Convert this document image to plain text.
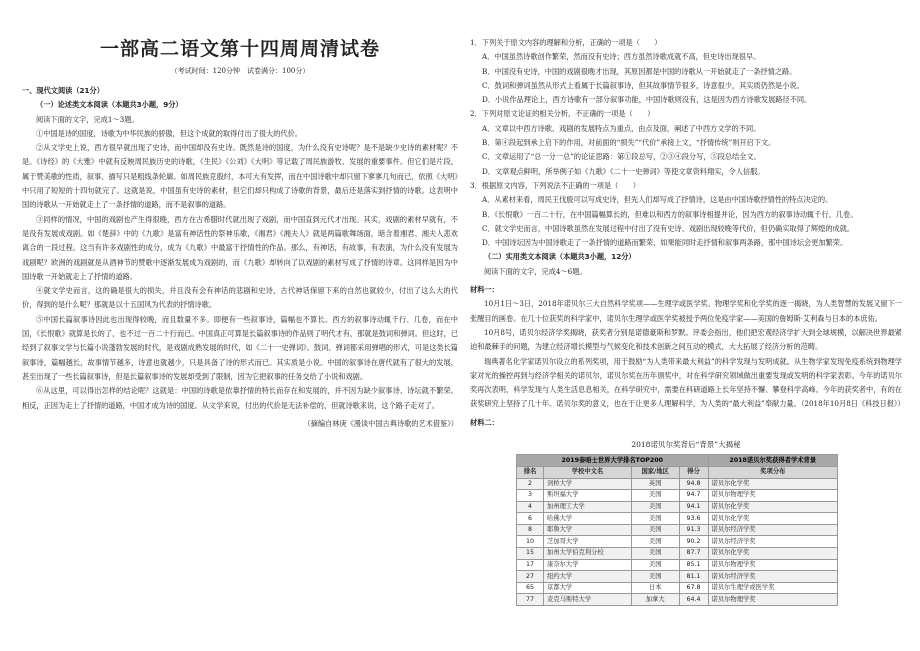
一部高二语文第十四周周清试卷
（考试时间：120分钟　试卷满分：100分）
一、现代文阅读（21分）
（一）论述类文本阅读（本题共3小题，9分）
阅读下面的文字，完成1～3题。

①中国是诗的国度，诗歌为中华民族的骄傲，但这个成就的取得付出了很大的代价。

②从文学史上说，西方很早就出现了史诗，而中国却没有史诗。既然是诗的国度，为什么没有史诗呢？是不是缺少史诗的素材呢？不是。《诗经》的《大雅》中就有反映周民族历史的诗歌，《生民》《公刘》《大明》等记载了周民族游牧、发展的重要事件。但它们是片段，属于赞美歌的性质，叙事、描写只是粗线条轮廓。如周民族克殷纣，本可大有发挥，而在中国诗歌中却只留下寥寥几句而已，依照《大明》中只用了短短的十四句就完了。这就是说，中国虽有史诗的素材，但它们却只构成了诗歌的背景，最后还是落实到抒情的诗歌。这表明中国的诗歌从一开始就走上了一条抒情的道路，而不是叙事的道路。

③同样的情况，中国的戏剧也产生得很晚，西方在古希腊时代就出现了戏剧，而中国直到元代才出现。其实，戏剧的素材早就有，不是没有发展成戏剧。如《楚辞》中的《九歌》是富有神话性的祭神乐歌，《湘君》《湘夫人》就是两篇歌舞场面，暗含着湘君、湘夫人悲欢离合的一段过程。这当有许多戏剧性的成分，成为《九歌》中最富于抒情性的作品。那么，有神话，有故事，有表演，为什么没有发展为戏剧呢？欧洲的戏剧就是从酒神节的赞歌中逐渐发展成为戏剧的，而《九歌》却转向了以戏剧的素材写成了抒情的诗章。这同样是因为中国诗歌一开始就走上了抒情的道路。

④就文学史而言，这的确是很大的损失，并且没有会有神话的悲剧和史诗，古代神话保留下来的自然也就较少，付出了这么大的代价，得到的是什么呢？那就是以十五国风为代表的抒情诗歌。

⑤中国长篇叙事诗因此也出现得较晚，而且数量不多。即便有一些叙事诗，篇幅也不算长。西方的叙事诗动辄千行、几卷，而在中国，《长恨歌》就算是长的了，也不过一百二十行而已。中国真正可算是长篇叙事诗的作品则了明代才有，那就是鼓词和弹词。但这时，已经到了叙事文学与长篇小说蓬勃发展的时代，是戏剧成熟发展的时代，如《二十一史弹词》。鼓词、弹词都采用弹唱的形式，可是这类长篇叙事诗，篇幅越长，故事情节越多，诗意也就越少，只是具备了诗的形式而已。其实质是小说。中国的叙事诗在唐代就有了很大的发展，甚至出现了一些长篇叙事诗，但是长篇叙事诗的发展却受到了限制，因为它把叙事的任务交给了小说和戏剧。

⑥从这里，可以得出怎样的结论呢？这就是：中国的诗歌是依靠抒情的特长而存在和发展的，并不因为缺少叙事诗、诗坛就不繁荣。相反，正因为走上了抒情的道路，中国才成为诗的国度。从文学来说，付出的代价是无法补偿的，但就诗歌来说，这个路子走对了。

（摘编自林庚《漫谈中国古典诗歌的艺术借鉴》）

1．下列关于原文内容的理解和分析，正确的一项是（　　）

A．中国虽然诗歌创作繁荣，然而没有史诗；西方虽然诗歌成就不高，但史诗出现很早。

B．中国没有史诗，中国的戏剧很晚才出现，其原因都是中国的诗歌从一开始就走了一条抒情之路。

C．鼓词和弹词虽然从形式上看属于长篇叙事诗，但其故事情节很多，诗意很少，其实质仍然是小说。

D．小说作品理论上，西方诗歌有一部分叙事功能，中国诗歌则没有，这是因为西方诗歌发展路径不同。

2．下列对原文论证的相关分析，不正确的一项是（　　）

A．文章以中西方诗歌、戏剧的发展特点为重点，由点及面，阐述了中西方文学的不同。

B．第④段起到承上启下的作用，对前面的“损失”“代价”承接上文，“抒情传统”则开启下文。

C．文章运用了“总一分一总”的论证思路：第①段总写，②③④段分写，⑤段总结全文。

D．文章观点鲜明，所举例子如《九歌》《二十一史弹词》等使文章资料翔实，令人信服。

3．根据原文内容，下列说法不正确的一项是（　　）

A．从素材来看，周民王伐殷可以写成史诗，但先人们却写成了抒情诗，这是由中国诗歌抒情性的特点决定的。

B．《长恨歌》一百二十行，在中国篇幅算长的，但难以和西方的叙事诗相提并论，因为西方的叙事诗动辄千行、几卷。

C．就文学史而言，中国诗歌虽然在发展过程中付出了没有史诗、戏剧出现较晚等代价，但仍确实取得了辉煌的成就。

D．中国诗坛因为中国诗歌走了一条抒情的道路而繁荣，如果能同时走抒情和叙事两条路，那中国诗坛会更加繁荣。

（二）实用类文本阅读（本题共3小题，12分）
阅读下面的文字，完成4～6题。
材料一：

10月1日～3日，2018年诺贝尔三大自然科学奖项——生理学或医学奖、物理学奖和化学奖的逐一揭晓，为人类智慧的发展又留下一张醒目的画卷。在几十位获奖的科学家中，诺贝尔生理学或医学奖被授予两位免疫学家——美国的詹姆斯·艾利森与日本的本庶佑。

10月8号，诺贝尔经济学奖揭晓，获奖者分别是诺德豪斯和罗默。评委会指出，他们把宏观经济学扩大到全球规模，以解决世界最紧迫和最棘手的问题，为建立经济增长模型与气候变化和技术创新之间互动的模式，大大拓展了经济分析的范畴。

瑞典著名化学家诺贝尔设立的系列奖项，用于鼓励“为人类带来最大利益”的科学发现与发明成就。从生物学家发现免疫系统到物理学家对光的操控再到与经济学相关的诺贝尔，诺贝尔奖在历年颁奖中，对在科学研究领域做出重要发现或发明的科学家表彰。今年的诺贝尔奖再次表明，科学发现与人类生活息息相关，在科学研究中，需要在科研道路上长年坚持不懈、攀登科学高峰。今年的获奖者中，有的在获奖研究上坚持了几十年。诺贝尔奖的意义，也在于让更多人理解科学，为人类的“最大利益”奉献力量。（2018年10月8日《科技日报》）

材料二：
2018诺贝尔奖背后“背景”大揭秘
2019泰晤士世界大学排名TOP200				2018诺贝尔奖获得者学术背景
排名	学校中文名	国家/地区	得分	奖项分布
2	剑桥大学	英国	94.8	诺贝尔化学奖
3	斯坦福大学	美国	94.7	诺贝尔物理学奖
4	加州理工大学	美国	94.1	诺贝尔化学奖
6	哈佛大学	美国	93.6	诺贝尔化学奖
8	耶鲁大学	美国	91.3	诺贝尔经济学奖
10	芝加哥大学	美国	90.2	诺贝尔经济学奖
15	加州大学伯克利分校	美国	87.7	诺贝尔化学奖
17	康奈尔大学	美国	85.1	诺贝尔物理学奖
27	纽约大学	美国	81.1	诺贝尔经济学奖
65	京都大学	日本	67.8	诺贝尔生理学或医学奖
77	麦克马斯特大学	加拿大	64.4	诺贝尔物理学奖
